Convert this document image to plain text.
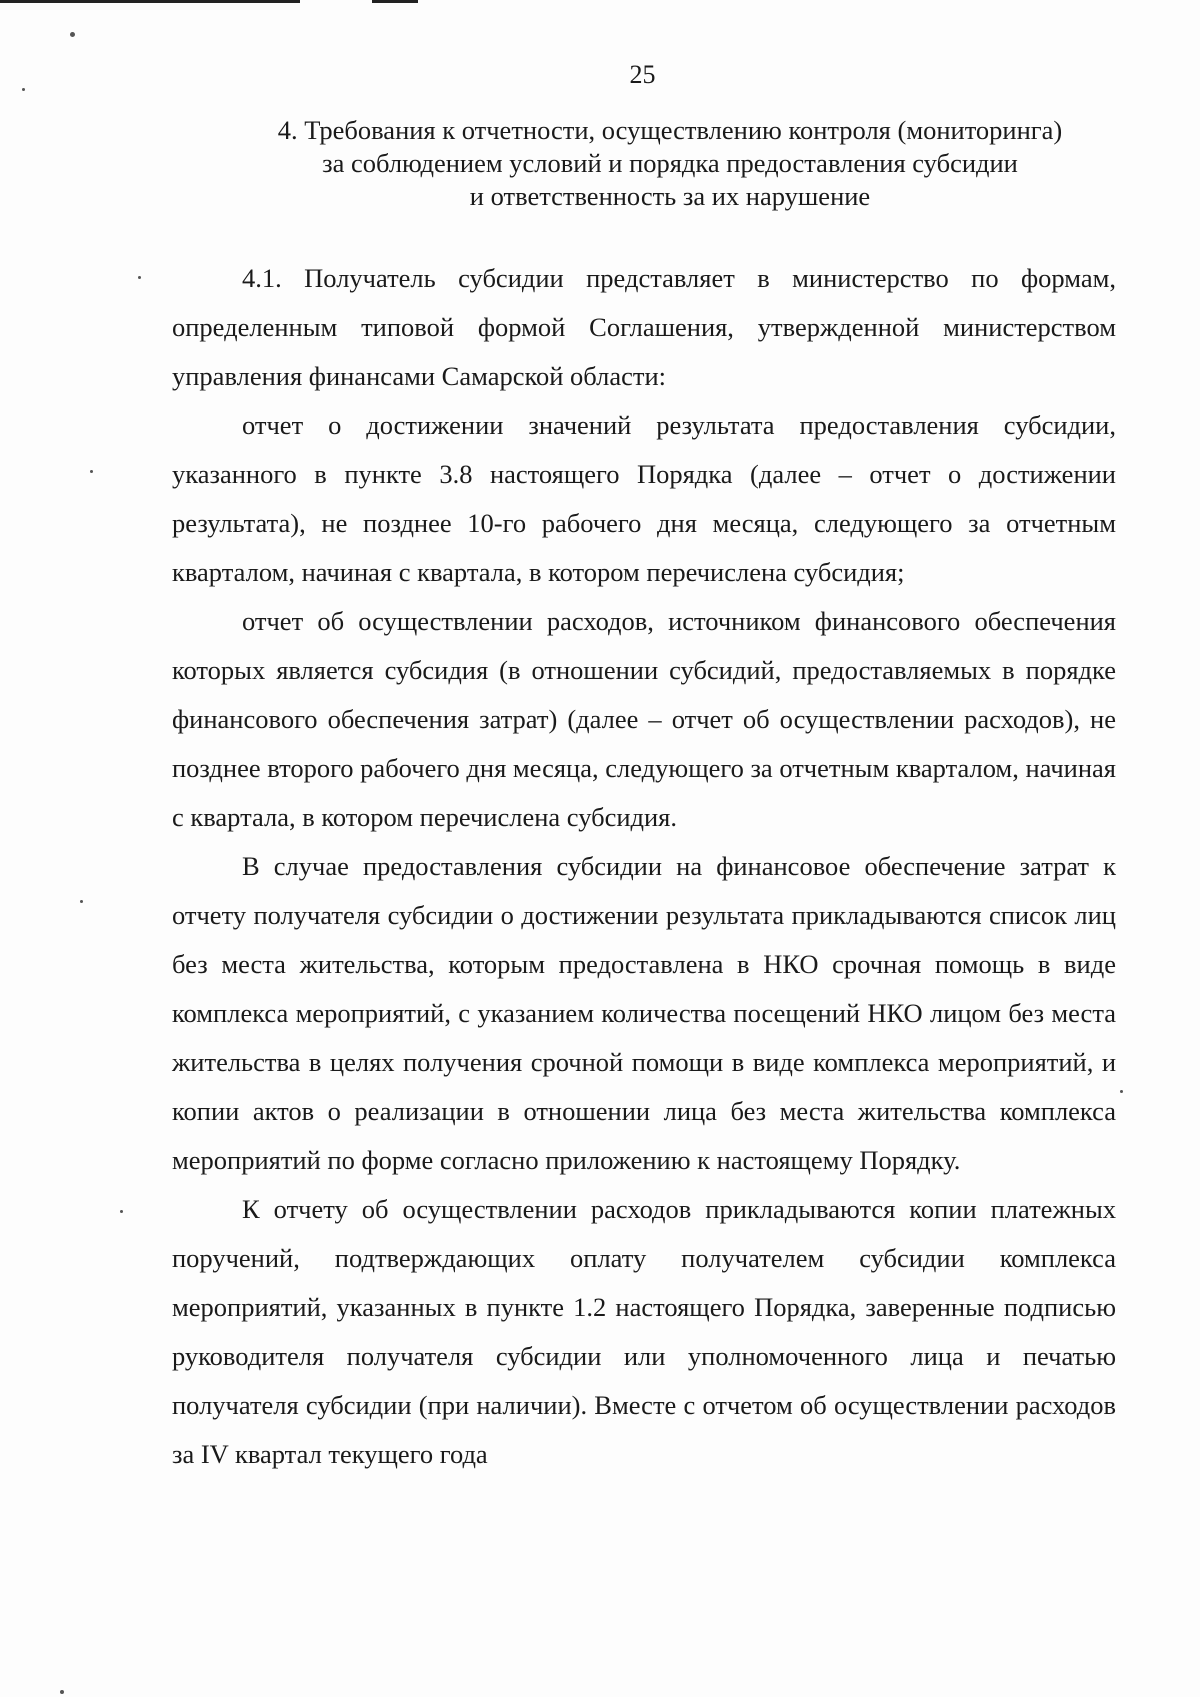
25
4. Требования к отчетности, осуществлению контроля (мониторинга)
за соблюдением условий и порядка предоставления субсидии
и ответственность за их нарушение

4.1. Получатель субсидии представляет в министерство по формам, определенным типовой формой Соглашения, утвержденной министерством управления финансами Самарской области:

отчет о достижении значений результата предоставления субсидии, указанного в пункте 3.8 настоящего Порядка (далее – отчет о достижении результата), не позднее 10-го рабочего дня месяца, следующего за отчетным кварталом, начиная с квартала, в котором перечислена субсидия;

отчет об осуществлении расходов, источником финансового обеспечения которых является субсидия (в отношении субсидий, предоставляемых в порядке финансового обеспечения затрат) (далее – отчет об осуществлении расходов), не позднее второго рабочего дня месяца, следующего за отчетным кварталом, начиная с квартала, в котором перечислена субсидия.

В случае предоставления субсидии на финансовое обеспечение затрат к отчету получателя субсидии о достижении результата прикладываются список лиц без места жительства, которым предоставлена в НКО срочная помощь в виде комплекса мероприятий, с указанием количества посещений НКО лицом без места жительства в целях получения срочной помощи в виде комплекса мероприятий, и копии актов о реализации в отношении лица без места жительства комплекса мероприятий по форме согласно приложению к настоящему Порядку.

К отчету об осуществлении расходов прикладываются копии платежных поручений, подтверждающих оплату получателем субсидии комплекса мероприятий, указанных в пункте 1.2 настоящего Порядка, заверенные подписью руководителя получателя субсидии или уполномоченного лица и печатью получателя субсидии (при наличии). Вместе с отчетом об осуществлении расходов за IV квартал текущего года
